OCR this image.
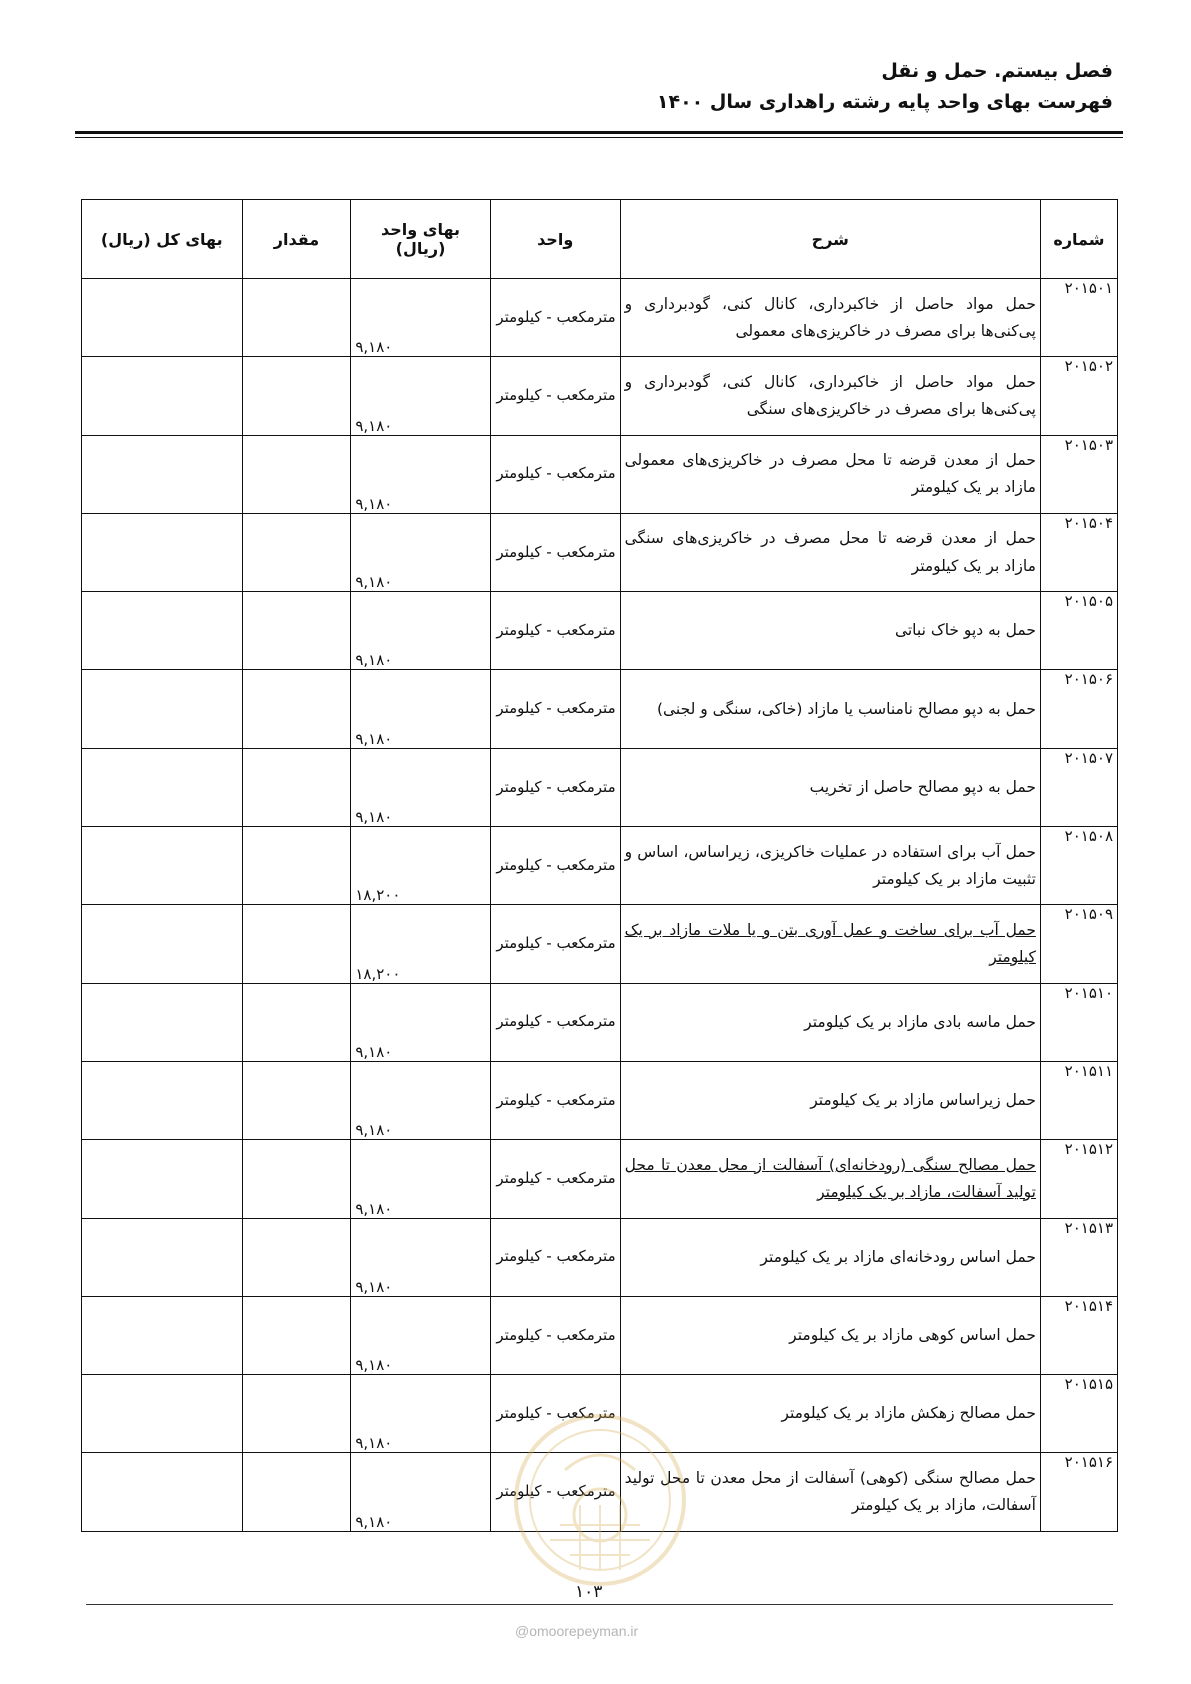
فصل بیستم. حمل و نقل
فهرست بهای واحد پایه رشته راهداری سال ۱۴۰۰
شماره	شرح	واحد	بهای واحد (ریال)	مقدار	بهای کل (ریال)
۲۰۱۵۰۱	حمل مواد حاصل از خاکبرداری، کانال کنی، گودبرداری و پی‌کنی‌ها برای مصرف در خاکریزی‌های معمولی	مترمکعب - کیلومتر	۹,۱۸۰		
۲۰۱۵۰۲	حمل مواد حاصل از خاکبرداری، کانال کنی، گودبرداری و پی‌کنی‌ها برای مصرف در خاکریزی‌های سنگی	مترمکعب - کیلومتر	۹,۱۸۰		
۲۰۱۵۰۳	حمل از معدن قرضه تا محل مصرف در خاکریزی‌های معمولی مازاد بر یک کیلومتر	مترمکعب - کیلومتر	۹,۱۸۰		
۲۰۱۵۰۴	حمل از معدن قرضه تا محل مصرف در خاکریزی‌های سنگی مازاد بر یک کیلومتر	مترمکعب - کیلومتر	۹,۱۸۰		
۲۰۱۵۰۵	حمل به دپو خاک نباتی	مترمکعب - کیلومتر	۹,۱۸۰		
۲۰۱۵۰۶	حمل به دپو مصالح نامناسب یا مازاد (خاکی، سنگی و لجنی)	مترمکعب - کیلومتر	۹,۱۸۰		
۲۰۱۵۰۷	حمل به دپو مصالح حاصل از تخریب	مترمکعب - کیلومتر	۹,۱۸۰		
۲۰۱۵۰۸	حمل آب برای استفاده در عملیات خاکریزی، زیراساس، اساس و تثبیت مازاد بر یک کیلومتر	مترمکعب - کیلومتر	۱۸,۲۰۰		
۲۰۱۵۰۹	حمل آب برای ساخت و عمل آوری بتن و یا ملات مازاد بر یک کیلومتر	مترمکعب - کیلومتر	۱۸,۲۰۰		
۲۰۱۵۱۰	حمل ماسه بادی مازاد بر یک کیلومتر	مترمکعب - کیلومتر	۹,۱۸۰		
۲۰۱۵۱۱	حمل زیراساس مازاد بر یک کیلومتر	مترمکعب - کیلومتر	۹,۱۸۰		
۲۰۱۵۱۲	حمل مصالح سنگی (رودخانه‌ای) آسفالت از محل معدن تا محل تولید آسفالت، مازاد بر یک کیلومتر	مترمکعب - کیلومتر	۹,۱۸۰		
۲۰۱۵۱۳	حمل اساس رودخانه‌ای مازاد بر یک کیلومتر	مترمکعب - کیلومتر	۹,۱۸۰		
۲۰۱۵۱۴	حمل اساس کوهی مازاد بر یک کیلومتر	مترمکعب - کیلومتر	۹,۱۸۰		
۲۰۱۵۱۵	حمل مصالح زهکش مازاد بر یک کیلومتر	مترمکعب - کیلومتر	۹,۱۸۰		
۲۰۱۵۱۶	حمل مصالح سنگی (کوهی) آسفالت از محل معدن تا محل تولید آسفالت، مازاد بر یک کیلومتر	مترمکعب - کیلومتر	۹,۱۸۰		
۱۰۳
@omoorepeyman.ir
